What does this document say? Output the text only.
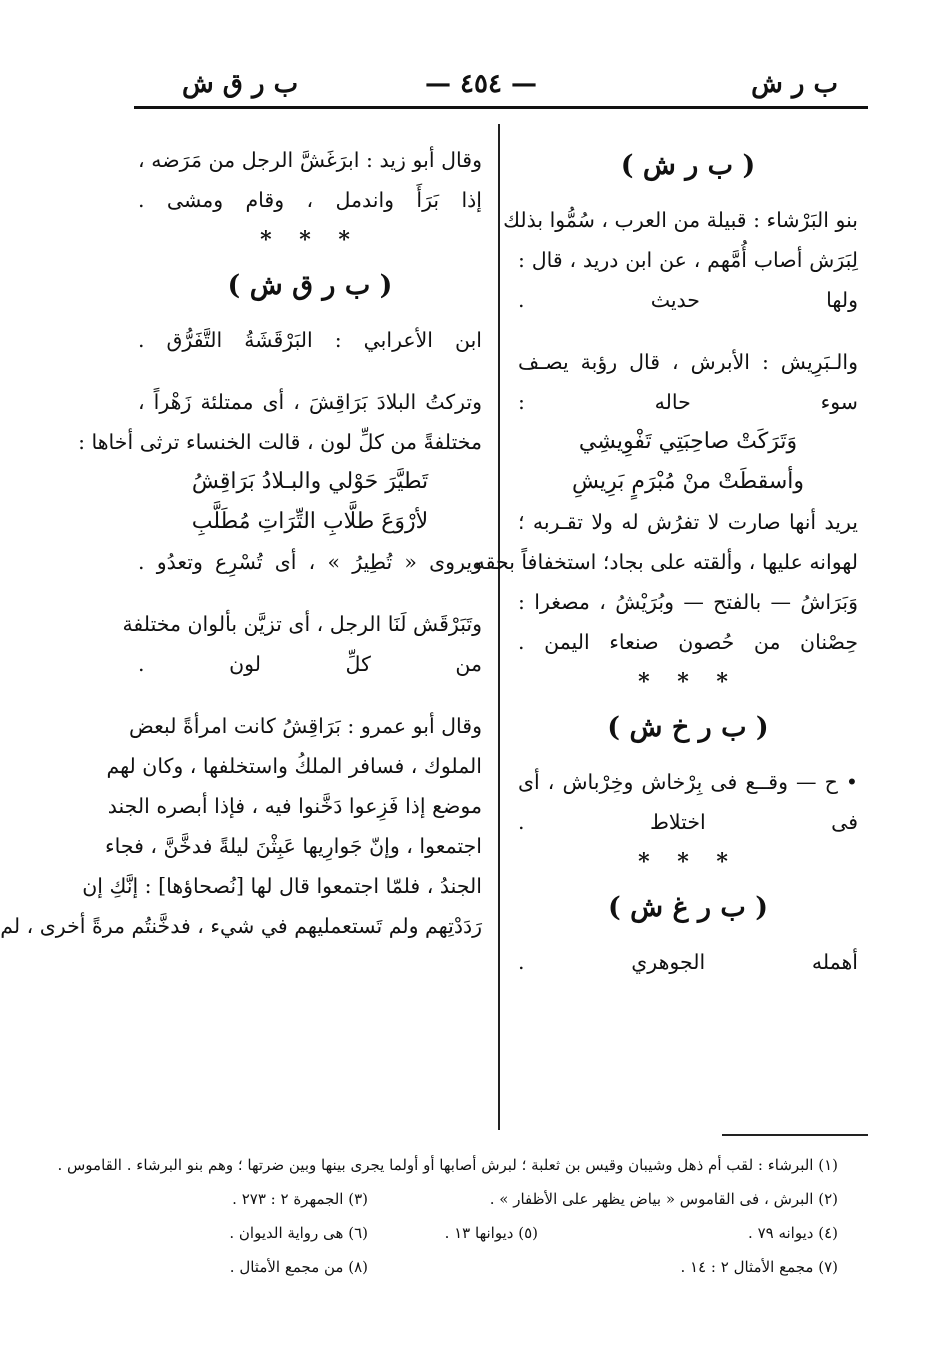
ب ر ش
— ٤٥٤ —
ب ر ق ش
( ب ر ش )
بنو البَرْشاء : قبيلة من العرب ، سُمُّوا بذلك
لِبَرَش أصاب أُمَّهم ، عن ابن دريد ، قال :
ولها حديث .
والـبَرِيش : الأبرش ، قال رؤبة يصـف
سوء حاله :
وَتَرَكَتْ صاحِبَتِي تَفْوِيشِي
وأسقطَتْ منْ مُبْرَمٍ بَرِيشِ
يريد أنها صارت لا تفرُش له ولا تقـربه ؛
لهوانه عليها ، وألقته على بجاد؛ استخفافاً بحقه .
وَبَرَاشُ — بالفتح — وبُرَيْشُ ، مصغرا :
حِصْنان من حُصون صنعاء اليمن .
* * *
( ب ر خ ش )
• ح — وقــع فى بِرْخاش وخِرْباش ، أى
فى اختلاط .
* * *
( ب ر غ ش )
أهمله الجوهري .
وقال أبو زيد : ابرَغَشَّ الرجل من مَرَضه ،
إذا بَرَأَ واندمل ، وقام ومشى .
* * *
( ب ر ق ش )
ابن الأعرابي : البَرْقَشَةُ التَّفَرُّق .
وتركتُ البلادَ بَرَاقِشَ ، أى ممتلئة زَهْراً ،
مختلفةً من كلِّ لون ، قالت الخنساء ترثى أخاها :
تَطيَّرَ حَوْلي والبـلادُ بَرَاقِشُ
لأرْوَعَ طلَّابِ التِّرَاتِ مُطَلَّبِ
ويروى « تُطِيرُ » ، أى تُسْرِع وتعدُو .
وتَبَرْقَش لَنَا الرجل ، أى تزيَّن بألوان مختلفة
من كلِّ لون .
وقال أبو عمرو : بَرَاقِشُ كانت امرأةً لبعض
الملوك ، فسافر الملكُ واستخلفها ، وكان لهم
موضع إذا فَزِعوا دَخَّنوا فيه ، فإذا أبصره الجند
اجتمعوا ، وإنّ جَوارِيها عَبِثْنَ ليلةً فدخَّنَّ ، فجاء
الجندُ ، فلمّا اجتمعوا قال لها [نُصحاؤها] : إنَّكِ إن
رَدَدْتِهم ولم تَستعمليهم في شيء ، فدخَّنتُم مرةً أخرى ، لم
(١) البرشاء : لقب أم ذهل وشيبان وقيس بن ثعلبة ؛ لبرش أصابها أو أولما يجرى بينها وبين ضرتها ؛ وهم بنو البرشاء . القاموس .
(٢) البرش ، فى القاموس « بياض يظهر على الأظفار » .
(٣) الجمهرة ٢ : ٢٧٣ .
(٤) ديوانه ٧٩ .
(٥) ديوانها ١٣ .
(٦) هى رواية الديوان .
(٧) مجمع الأمثال ٢ : ١٤ .
(٨) من مجمع الأمثال .
